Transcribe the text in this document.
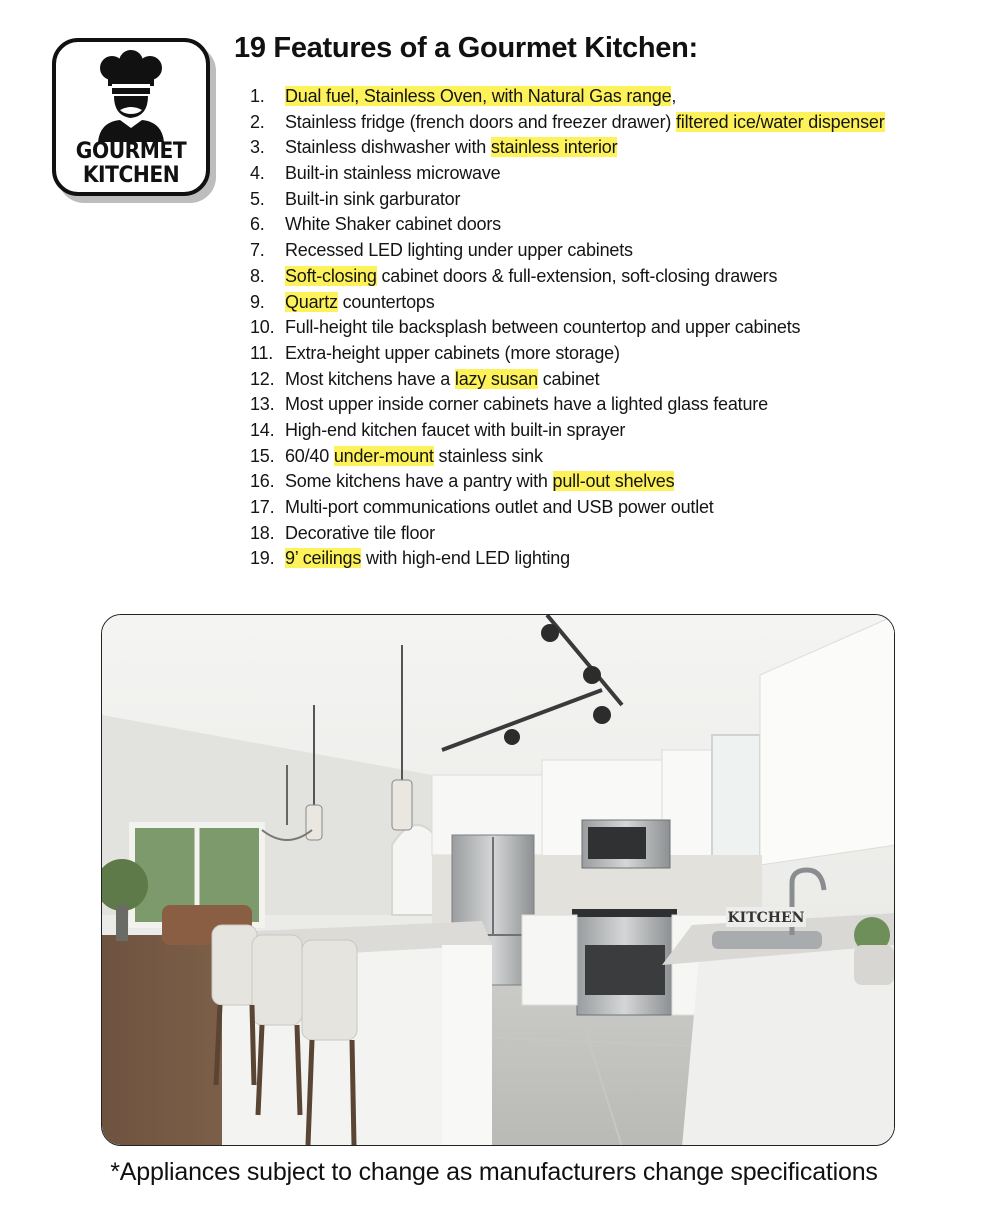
GOURMET
KITCHEN
19 Features of a Gourmet Kitchen:
1. Dual fuel, Stainless Oven, with Natural Gas range,
2. Stainless fridge (french doors and freezer drawer) filtered ice/water dispenser
3. Stainless dishwasher with stainless interior
4. Built-in stainless microwave
5. Built-in sink garburator
6. White Shaker cabinet doors
7. Recessed LED lighting under upper cabinets
8. Soft-closing cabinet doors & full-extension, soft-closing drawers
9. Quartz countertops
10. Full-height tile backsplash between countertop and upper cabinets
11. Extra-height upper cabinets (more storage)
12. Most kitchens have a lazy susan cabinet
13. Most upper inside corner cabinets have a lighted glass feature
14. High-end kitchen faucet with built-in sprayer
15. 60/40 under-mount stainless sink
16. Some kitchens have a pantry with pull-out shelves
17. Multi-port communications outlet and USB power outlet
18. Decorative tile floor
19. 9’ ceilings with high-end LED lighting
KITCHEN
*Appliances subject to change as manufacturers change specifications
